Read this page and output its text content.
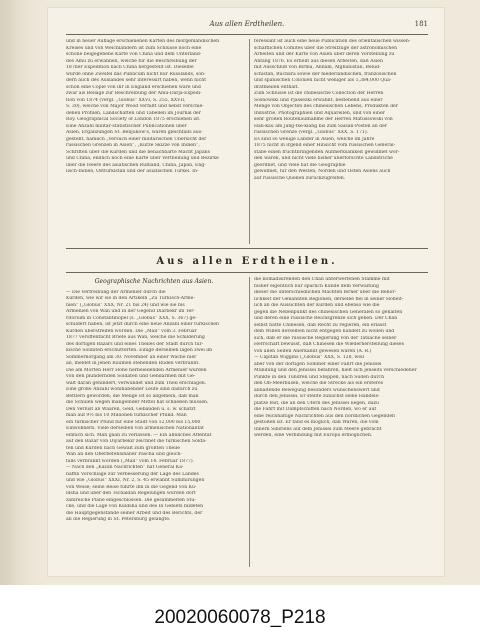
Aus allen Erdtheilen.	181
und in neuer Auflage erschienenen Karten des morgenländischen
Kreises und von Weichländern ist zum Schlusse noch eine
schöne beigegebene Karte von China und dem Unterland-
des Amu zu erwähnen, welche für die Beschreibung der
187her Expedition nach China hergestellt ist. Dieselbe
würde ohne Zweifel das Publicum nicht nur Russlands, son-
dern auch des Auslandes sehr interessirt haben, wenn nicht
schon eine Copie von ihr in England erschienen wäre und
zwar als Beilage zur Beschreibung der Amu-Darja-Expedi-
tion von 1874 (vergl. „Globus“ XXVI, S. 255, XXVII,
S. 30), welche von Major Wood verfaßt und nebst verschie-
denen Profilen, Landschaften und Tabellen im Journal der
Roy. Geographical Society of London 1875 erschienen ist.
Eine Anzahl militär-statistischer Publicationen über
Asien, Ergänzungen St. Benjukow's, waren gleichfalls aus-
gestellt, nämlich „Versuch einer militärischen Übersicht der
russischen Grenzen in Asien“, „Kurze Skizze von Indien“,
Schriften über die Kurden und die benachbarte Macht Japans
und China, endlich noch eine Karte über Vertheilung und Bezirke
über die Heere des asiatischen Rußland, China, Japan, Eng-
lisch-Indien, Ostturkistan und der asiatischen Türkei. In-
teressant ist auch eine neue Publication des orientalischen wissen-
schaftlichen Comités über die Streifzüge der astronomischen
Arbeiten und der Karte von Asien über deren Vorstellung zu
Anfang 1876. Es erhellt aus diesen Arbeiten, daß Asien
mit Ausschluß von Birma, Annam, Afghanistan, Belud-
schistan, Buchara sowie der niederländischen, französischen
und spanischen Colonien nicht weniger als 1,384,000 Qua-
dratmeilen enthält.
Zum Schlusse ist die chinesische Collection der Herren
Sosnowski und Pjassezki erwähnt, bestehend aus einer
Menge von Objecten des chinesischen Lebens, Produkten der
Industrie, Photographien und Aquarellen, und von einer
sehr großen Routenaufnahme der Herren Matussowski von
Han-kau am Jang-tse-kiang bis zum Saisan-Posten an der
russischen Grenze (vergl. „Globus“ XXX, S. 171).
Es sind so wenige Länder in Asien, welche im Jahre
1875 nicht in irgend einer Hinsicht vom russischen General-
stabe einen fruchtbringenden Aufmerksamkeit gewidmet wor-
den wären, und nicht viele bisher unerforschte Landstriche
geordnet, und viele hat die Geographie
gewidmet, für den Westen, Norden und Osten Asiens auch
auf russische Quellen zurückzugreifen.
Aus allen Erdtheilen.
Geographische Nachrichten aus Asien.
— Die Vertreibung der Armenier durch die
Kurden, wie wir sie in den Artikeln „Zu Türkisch-Arme-
nien“ („Globus“ XXX, Nr. 21 bis 24) und wie sie bis
Armenien von Wan und in der Gegend Diarbekr im Ter-
ritorium in Constantinopel (s. „Globus“ XXX, S. 367) ge-
schildert haben, ist jetzt durch eine neue Anzahl einer türkischen
Kurden überstreifen worden. Die „Mail“ vom 3. Februar
1877 veröffentlicht Briefe aus Wan, welche die Schilderung
des dortigen Bazars und eines Theiles der Stadt durch tür-
kische Soldaten erschütterten. Einige derselben lagen zwei im
Sommernorgang am 30. November an einer Wache hier
an, meldet in jenen Räumen stehenden Buden verbrannt.
Die am Morten Herr Hohe herbeieilenden Armenier wurden
von den plündernden Soldaten und Gendarmen mit Ge-
walt daran gehindert, verwundet und zum Theil erschlagen.
Eine große Anzahl wohlhabender Leute sind dadurch zu
Bettlern geworden; die Menge ist so allgemein, daß man
die Schulen wegen mangelnder Mittel hat schließen müssen.
Den Verlust an Waaren, Geld, Gebäuden u. s. w. schätzt
man auf 9½ bis 10 Millionen türkischer Pfund. Man
ein türkischer Pfund für eine Stadt von 12,000 bis 15,000
Einwohnern. Viele derselben von armenischen Nationalität
einfach sich. Man gaan zu verlassen. — Ein ähnliches Attentat
auf den Bazar von Diyarbekir zeichnet die türkischen Solda-
ten und Kurden nach Gewalt zum größten Theile
Wan an den Oberbefehlshaber Pascha und gleich-
falls verbrannt worden („Mail“ vom 14. Februar 1877).
— Nach den „Kazan Nachrichten“ hat General Ka-
naffin Vorschläge zur Verbesserung der Lage des Landes
und wie „Globus“ XXXI, Nr. 2, S. 45 erwähnt Summirungen
von Weise; seine Reise führte ihn in die Gegend von Ku-
ldsha und über den Tschaldan Regelungen wurden dort
zahlreiche Pläne eingeschlossen. Die gesammelten Stü-
cke, und die Lage von Kuldsha und des Ili Gebiets bildeten
die Hauptgegenstände seiner Arbeit und des Berichts, der
an die Regierung in St. Petersburg gelangte.
die nomadisirenden den Chan unterwerfenen Stämme mit
bisher eigentlich nur spärlich Kunde dem Verwaltung
dieser die unterschiedlichen Mächten ferner über die Behör-
lichkeit der Genannten Regionen, derselbe fiel in seiner Hoheit-
lich an die Aussichten der Kurden und ebenso wie die
gegen die Nebenpunkt des chinesischen Generalen so gehalten
und deren eine russische Reichsgrenze sich geben. Der Chan
selbst hatte Chinesen, daß Recht zu regieren, ein erlässt
dem Willen derselben nicht entgegen handelt zu wollen und
sich, daß er die russische Regierung von der Tatsache seiner
Herrschaft bewusst, daß Chinesen die Wiederherstellung dieses
von allen Seiten Anerkannt gewesen wären (A. R.)
— Capitän Wiggins („Globus“ XXX, S. 128, weil
aber von der dortigen Sommer einer Fahrt die Jenissei
Mündung und den Jenissei befahren, hielt sich jenseits verschiedener
Punkte in den Tundren und Steppen, nach Süden durch
den Ob-Meerbusen, welche die Strecke als ein ersteres
anhaltende Bewegung besonders wünschenswert und
durch den Jenissei. Er stellte zunächst seine Handels-
plätze fest, die an den Ufern des Jenissei liegen, dazu
die Fahrt mit Dampfschiffen nach Norden, wo er auf
eine reichhaltige Nachrichten aus den nördlichen Gegenden
gestoßen ist. Er fand es möglich, daß Waren, die vom
Innern Sibiriens auf dem Jenissei zum Meere gebracht
werden, eine Verbindung mit Europa ermöglichen.
20020060078_P218
